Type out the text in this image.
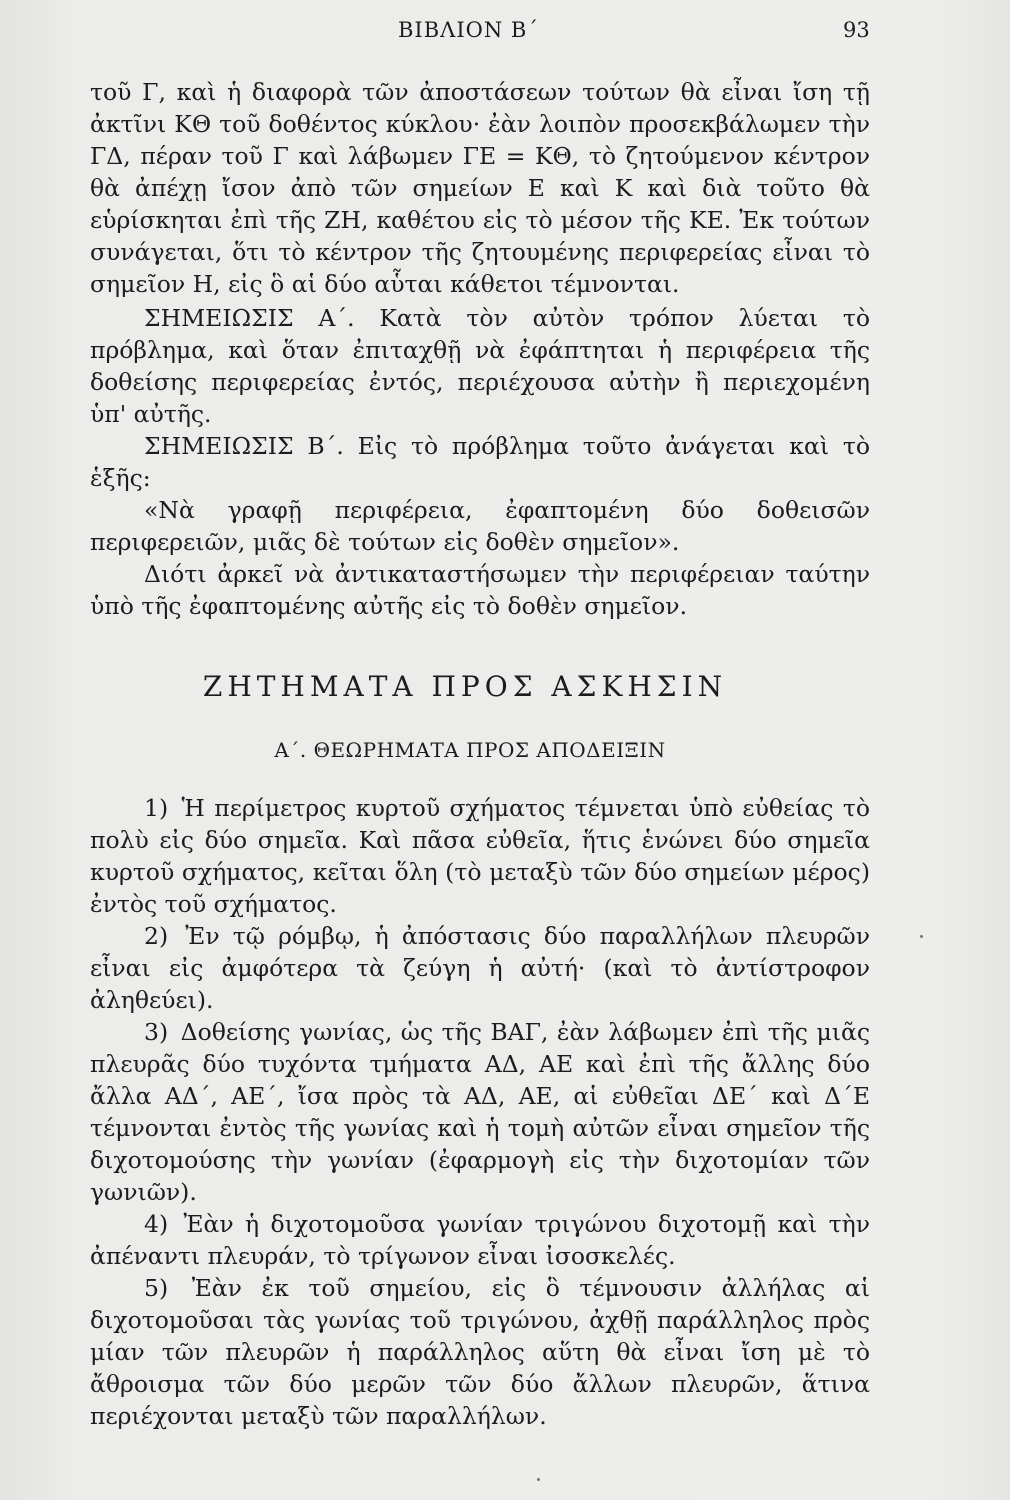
ΒΙΒΛΙΟΝ Β΄	93

τοῦ Γ, καὶ ἡ διαφορὰ τῶν ἀποστάσεων τούτων θὰ εἶναι ἴση τῇ ἀκτῖνι ΚΘ τοῦ δοθέντος κύκλου· ἐὰν λοιπὸν προσεκβάλωμεν τὴν ΓΔ, πέραν τοῦ Γ καὶ λάβωμεν ΓΕ = ΚΘ, τὸ ζητούμενον κέντρον θὰ ἀπέχῃ ἴσον ἀπὸ τῶν σημείων Ε καὶ Κ καὶ διὰ τοῦτο θὰ εὑρίσκηται ἐπὶ τῆς ΖΗ, καθέτου εἰς τὸ μέσον τῆς ΚΕ. Ἐκ τούτων συνάγεται, ὅτι τὸ κέντρον τῆς ζητουμένης περιφερείας εἶναι τὸ σημεῖον Η, εἰς ὃ αἱ δύο αὗται κάθετοι τέμνονται.

ΣΗΜΕΙΩΣΙΣ Α΄. Κατὰ τὸν αὐτὸν τρόπον λύεται τὸ πρόβλημα, καὶ ὅταν ἐπιταχθῇ νὰ ἐφάπτηται ἡ περιφέρεια τῆς δοθείσης περιφερείας ἐντός, περιέχουσα αὐτὴν ἢ περιεχομένη ὑπ' αὐτῆς.

ΣΗΜΕΙΩΣΙΣ Β΄. Εἰς τὸ πρόβλημα τοῦτο ἀνάγεται καὶ τὸ ἑξῆς:

«Νὰ γραφῇ περιφέρεια, ἐφαπτομένη δύο δοθεισῶν περιφερειῶν, μιᾶς δὲ τούτων εἰς δοθὲν σημεῖον».

Διότι ἀρκεῖ νὰ ἀντικαταστήσωμεν τὴν περιφέρειαν ταύτην ὑπὸ τῆς ἐφαπτομένης αὐτῆς εἰς τὸ δοθὲν σημεῖον.

ΖΗΤΗΜΑΤΑ ΠΡΟΣ ΑΣΚΗΣΙΝ
Α΄. ΘΕΩΡΗΜΑΤΑ ΠΡΟΣ ΑΠΟΔΕΙΞΙΝ

1) Ἡ περίμετρος κυρτοῦ σχήματος τέμνεται ὑπὸ εὐθείας τὸ πολὺ εἰς δύο σημεῖα. Καὶ πᾶσα εὐθεῖα, ἥτις ἑνώνει δύο σημεῖα κυρτοῦ σχήματος, κεῖται ὅλη (τὸ μεταξὺ τῶν δύο σημείων μέρος) ἐντὸς τοῦ σχήματος.

2) Ἐν τῷ ρόμβῳ, ἡ ἀπόστασις δύο παραλλήλων πλευρῶν εἶναι εἰς ἀμφότερα τὰ ζεύγη ἡ αὐτή· (καὶ τὸ ἀντίστροφον ἀληθεύει).

3) Δοθείσης γωνίας, ὡς τῆς ΒΑΓ, ἐὰν λάβωμεν ἐπὶ τῆς μιᾶς πλευρᾶς δύο τυχόντα τμήματα ΑΔ, ΑΕ καὶ ἐπὶ τῆς ἄλλης δύο ἄλλα ΑΔ΄, ΑΕ΄, ἴσα πρὸς τὰ ΑΔ, ΑΕ, αἱ εὐθεῖαι ΔΕ΄ καὶ Δ΄Ε τέμνονται ἐντὸς τῆς γωνίας καὶ ἡ τομὴ αὐτῶν εἶναι σημεῖον τῆς διχοτομούσης τὴν γωνίαν (ἐφαρμογὴ εἰς τὴν διχοτομίαν τῶν γωνιῶν).

4) Ἐὰν ἡ διχοτομοῦσα γωνίαν τριγώνου διχοτομῇ καὶ τὴν ἀπέναντι πλευράν, τὸ τρίγωνον εἶναι ἰσοσκελές.

5) Ἐὰν ἐκ τοῦ σημείου, εἰς ὃ τέμνουσιν ἀλλήλας αἱ διχοτομοῦσαι τὰς γωνίας τοῦ τριγώνου, ἀχθῇ παράλληλος πρὸς μίαν τῶν πλευρῶν ἡ παράλληλος αὕτη θὰ εἶναι ἴση μὲ τὸ ἄθροισμα τῶν δύο μερῶν τῶν δύο ἄλλων πλευρῶν, ἅτινα περιέχονται μεταξὺ τῶν παραλλήλων.
